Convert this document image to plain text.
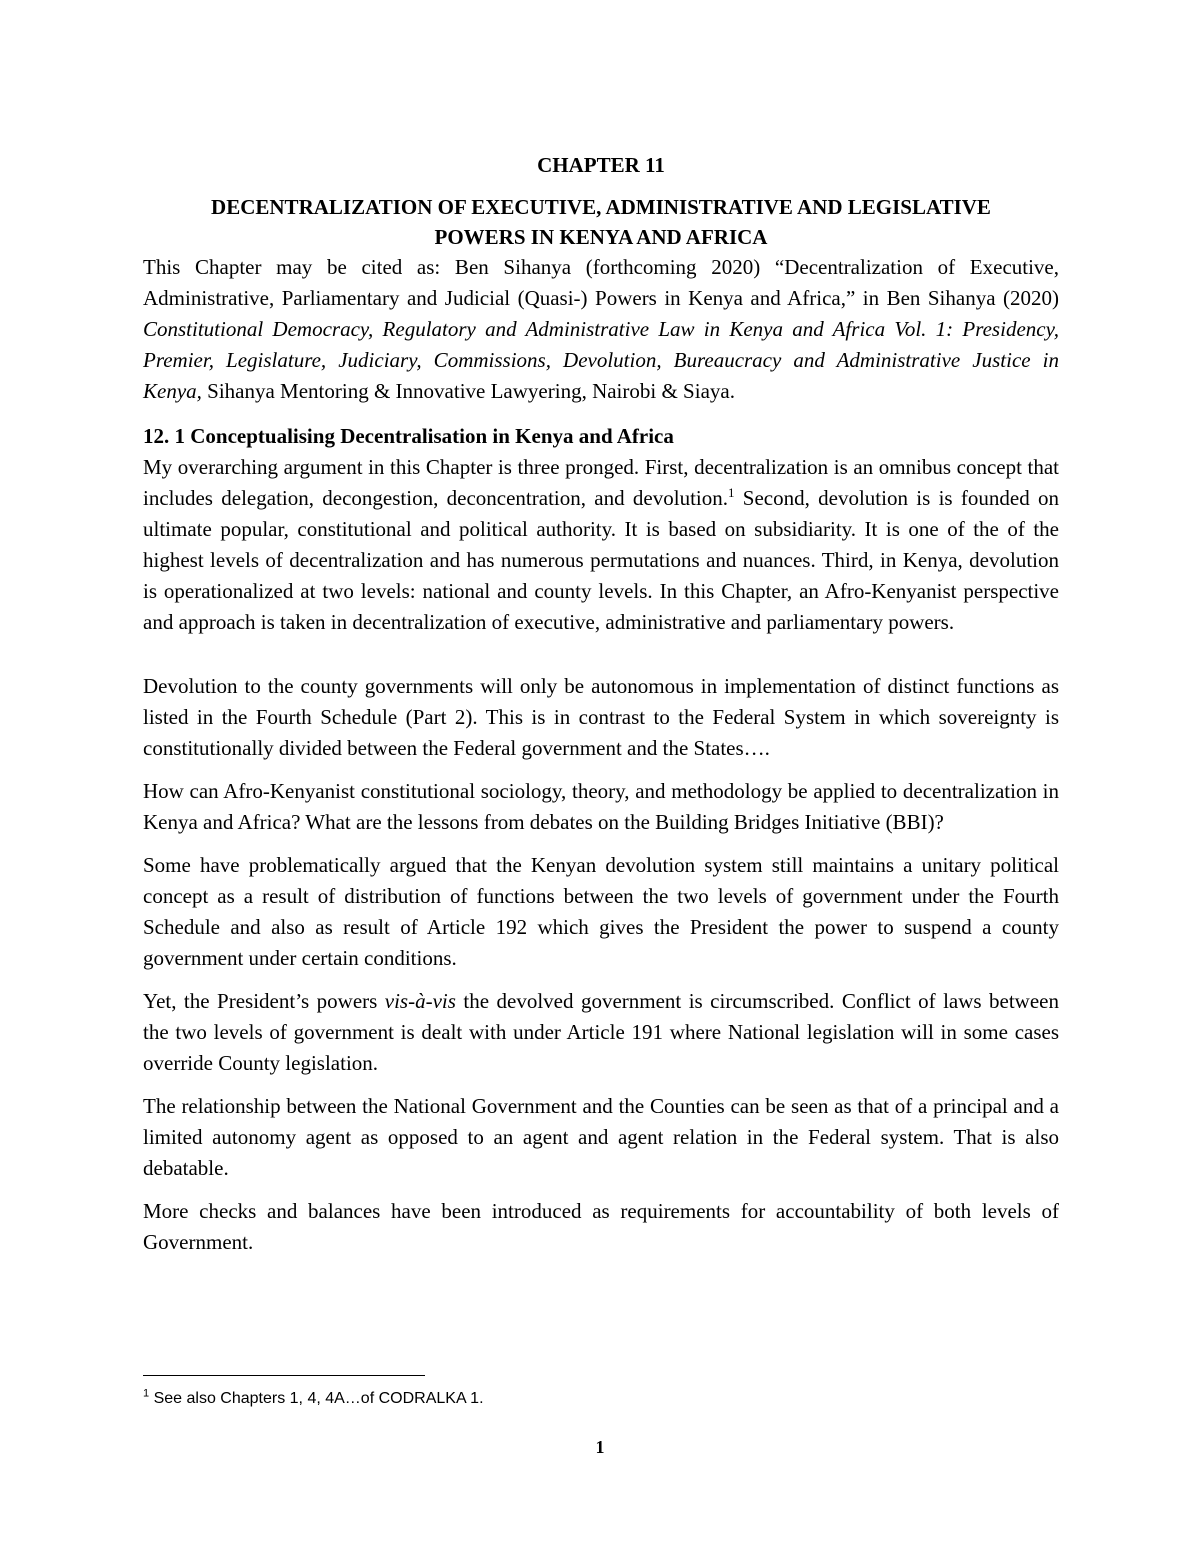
CHAPTER 11
DECENTRALIZATION OF EXECUTIVE, ADMINISTRATIVE AND LEGISLATIVE
POWERS IN KENYA AND AFRICA

This Chapter may be cited as: Ben Sihanya (forthcoming 2020) “Decentralization of Executive, Administrative, Parliamentary and Judicial (Quasi-) Powers in Kenya and Africa,” in Ben Sihanya (2020) Constitutional Democracy, Regulatory and Administrative Law in Kenya and Africa Vol. 1: Presidency, Premier, Legislature, Judiciary, Commissions, Devolution, Bureaucracy and Administrative Justice in Kenya, Sihanya Mentoring & Innovative Lawyering, Nairobi & Siaya.

12. 1 Conceptualising Decentralisation in Kenya and Africa

My overarching argument in this Chapter is three pronged. First, decentralization is an omnibus concept that includes delegation, decongestion, deconcentration, and devolution.$^1$ Second, devolution is is founded on ultimate popular, constitutional and political authority. It is based on subsidiarity. It is one of the of the highest levels of decentralization and has numerous permutations and nuances. Third, in Kenya, devolution is operationalized at two levels: national and county levels. In this Chapter, an Afro-Kenyanist perspective and approach is taken in decentralization of executive, administrative and parliamentary powers.

Devolution to the county governments will only be autonomous in implementation of distinct functions as listed in the Fourth Schedule (Part 2). This is in contrast to the Federal System in which sovereignty is constitutionally divided between the Federal government and the States….

How can Afro-Kenyanist constitutional sociology, theory, and methodology be applied to decentralization in Kenya and Africa? What are the lessons from debates on the Building Bridges Initiative (BBI)?

Some have problematically argued that the Kenyan devolution system still maintains a unitary political concept as a result of distribution of functions between the two levels of government under the Fourth Schedule and also as result of Article 192 which gives the President the power to suspend a county government under certain conditions.

Yet, the President’s powers vis-à-vis the devolved government is circumscribed. Conflict of laws between the two levels of government is dealt with under Article 191 where National legislation will in some cases override County legislation.

The relationship between the National Government and the Counties can be seen as that of a principal and a limited autonomy agent as opposed to an agent and agent relation in the Federal system. That is also debatable.

More checks and balances have been introduced as requirements for accountability of both levels of Government.

$^1$ See also Chapters 1, 4, 4A…of CODRALKA 1.
1
